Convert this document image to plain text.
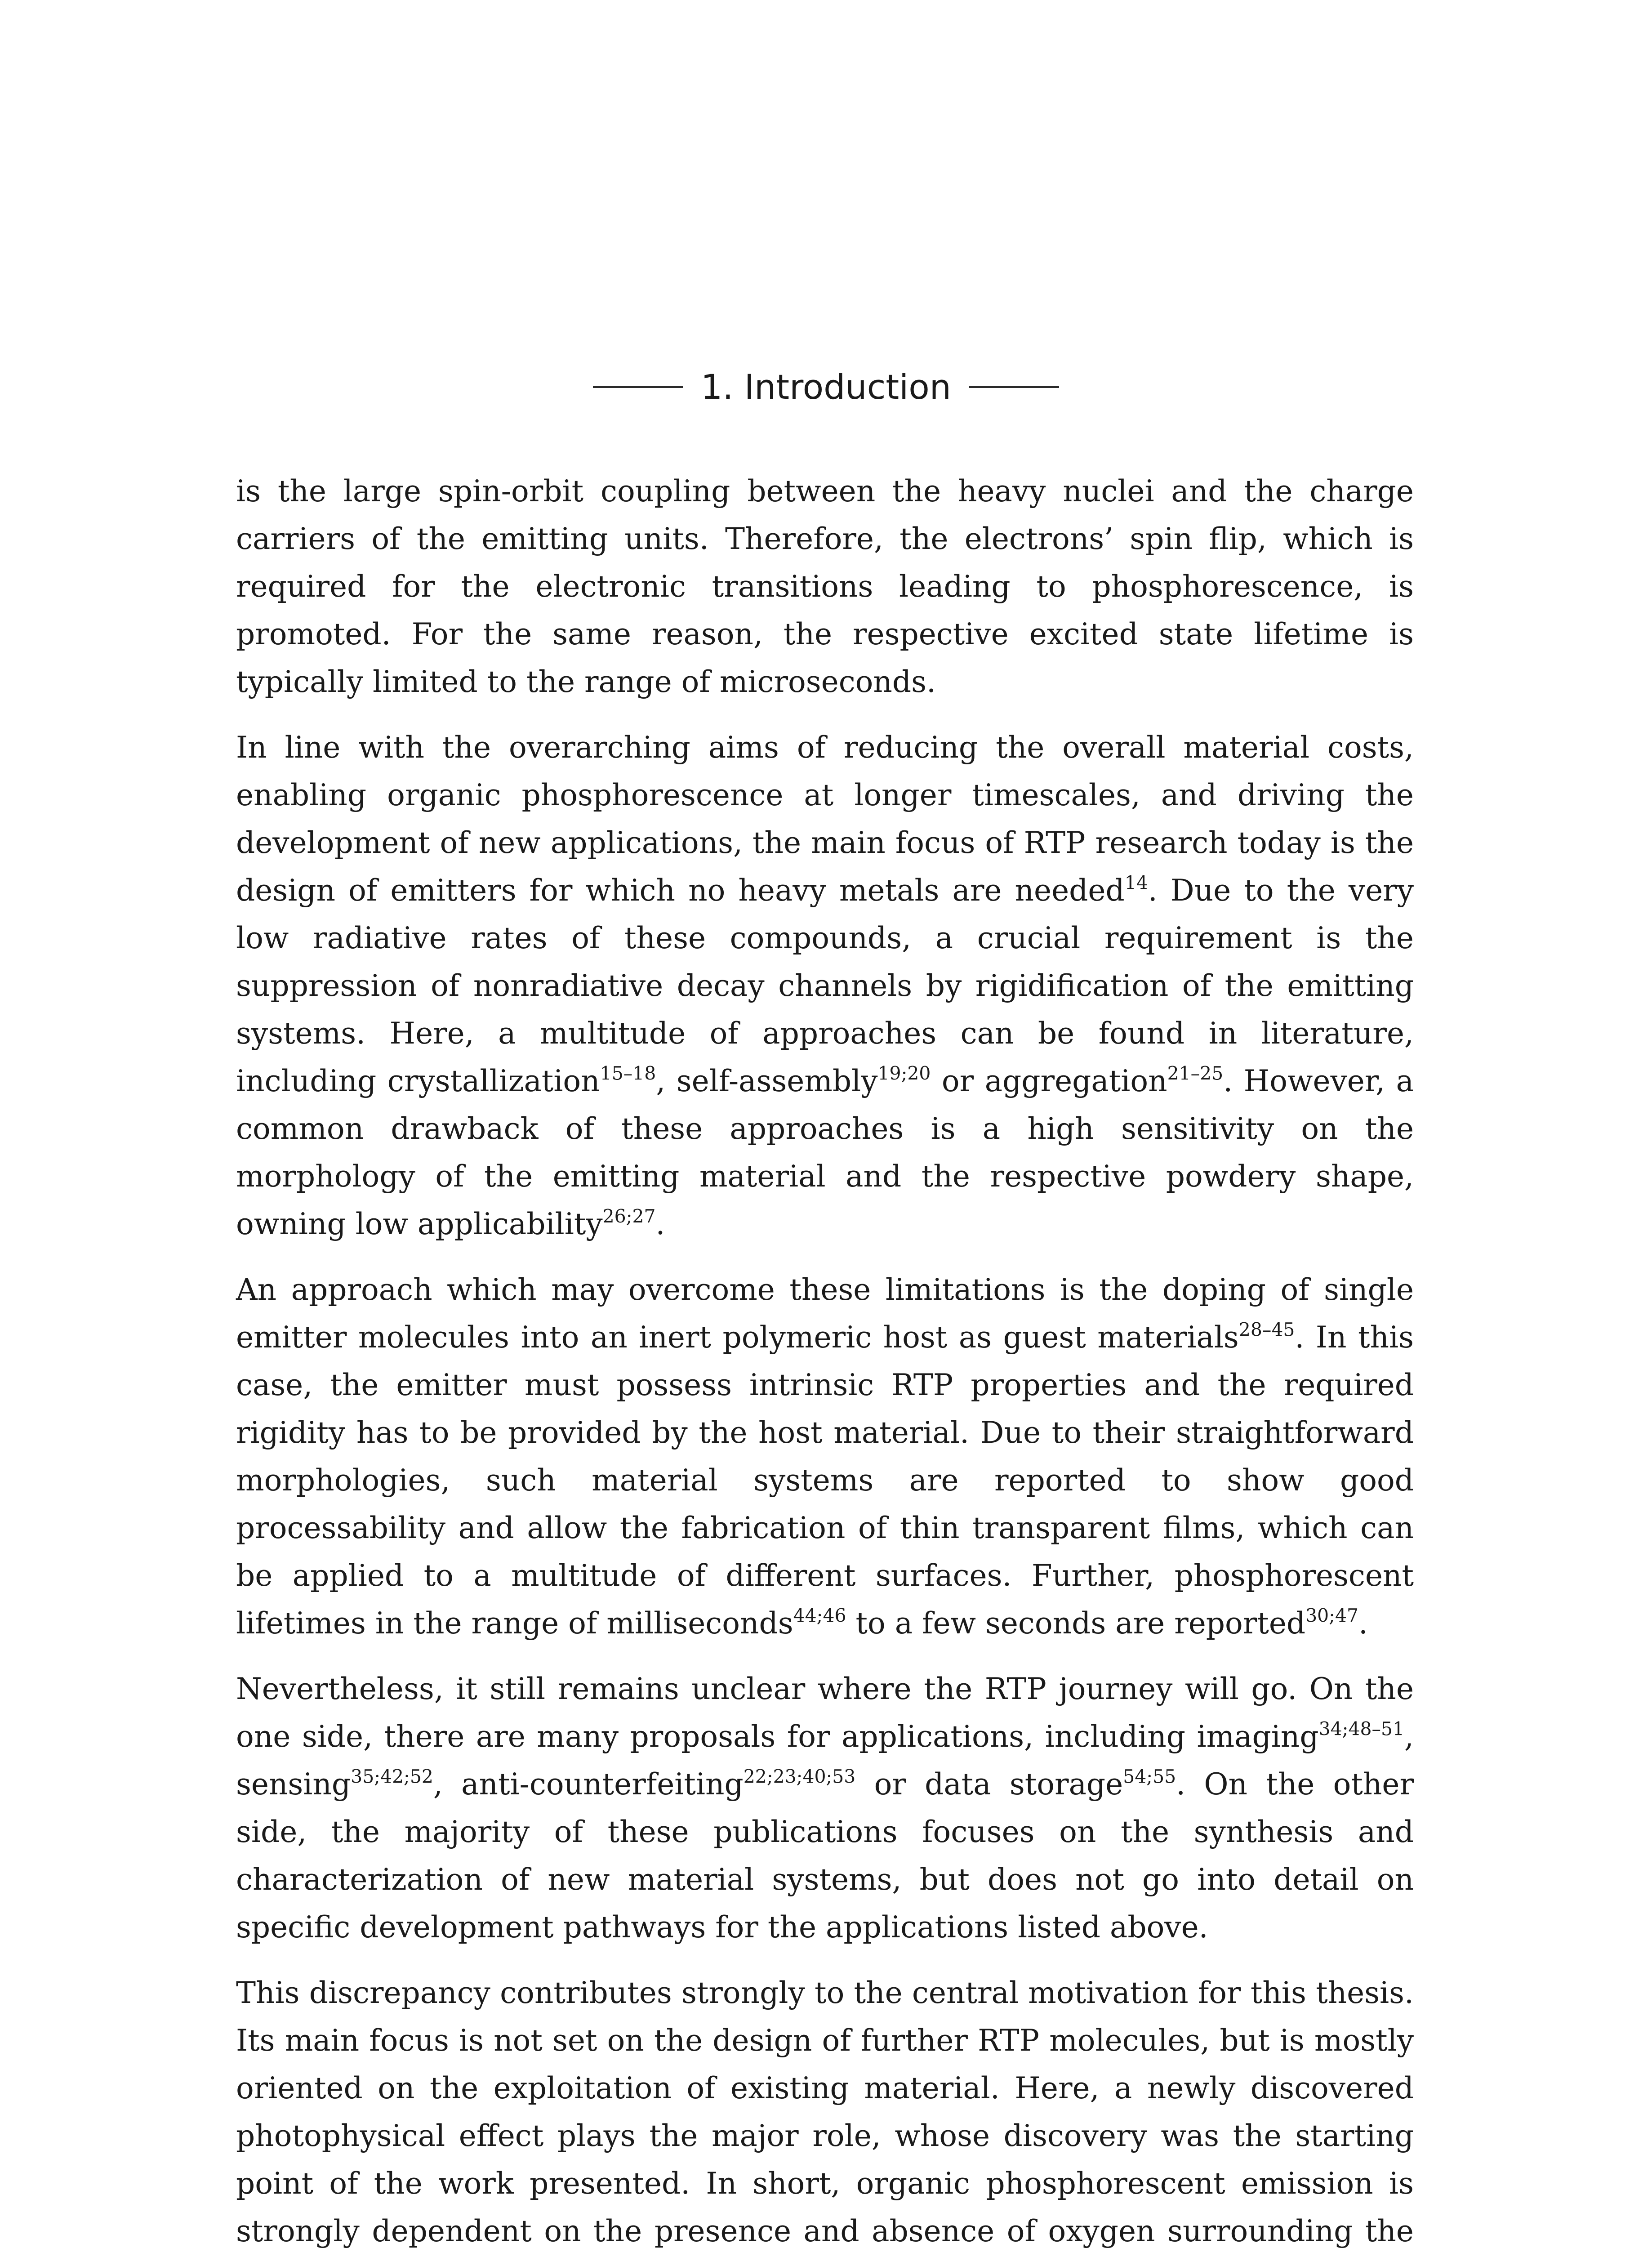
1. Introduction

is the large spin-orbit coupling between the heavy nuclei and the charge carriers of the emitting units. Therefore, the electrons’ spin flip, which is required for the electronic transitions leading to phosphorescence, is promoted. For the same reason, the respective excited state lifetime is typically limited to the range of microseconds.

In line with the overarching aims of reducing the overall material costs, enabling organic phosphorescence at longer timescales, and driving the development of new applications, the main focus of RTP research today is the design of emitters for which no heavy metals are needed$^{14}$. Due to the very low radiative rates of these compounds, a crucial requirement is the suppression of nonradiative decay channels by rigidification of the emitting systems. Here, a multitude of approaches can be found in literature, including crystallization$^{15-18}$, self-assembly$^{19;20}$ or aggregation$^{21-25}$. However, a common drawback of these approaches is a high sensitivity on the morphology of the emitting material and the respective powdery shape, owning low applicability$^{26;27}$.

An approach which may overcome these limitations is the doping of single emitter molecules into an inert polymeric host as guest materials$^{28-45}$. In this case, the emitter must possess intrinsic RTP properties and the required rigidity has to be provided by the host material. Due to their straightforward morphologies, such material systems are reported to show good processability and allow the fabrication of thin transparent films, which can be applied to a multitude of different surfaces. Further, phosphorescent lifetimes in the range of milliseconds$^{44;46}$ to a few seconds are reported$^{30;47}$.

Nevertheless, it still remains unclear where the RTP journey will go. On the one side, there are many proposals for applications, including imaging$^{34;48-51}$, sensing$^{35;42;52}$, anti-counterfeiting$^{22;23;40;53}$ or data storage$^{54;55}$. On the other side, the majority of these publications focuses on the synthesis and characterization of new material systems, but does not go into detail on specific development pathways for the applications listed above.

This discrepancy contributes strongly to the central motivation for this thesis. Its main focus is not set on the design of further RTP molecules, but is mostly oriented on the exploitation of existing material. Here, a newly discovered photophysical effect plays the major role, whose discovery was the starting point of the work presented. In short, organic phosphorescent emission is strongly dependent on the presence and absence of oxygen surrounding the
